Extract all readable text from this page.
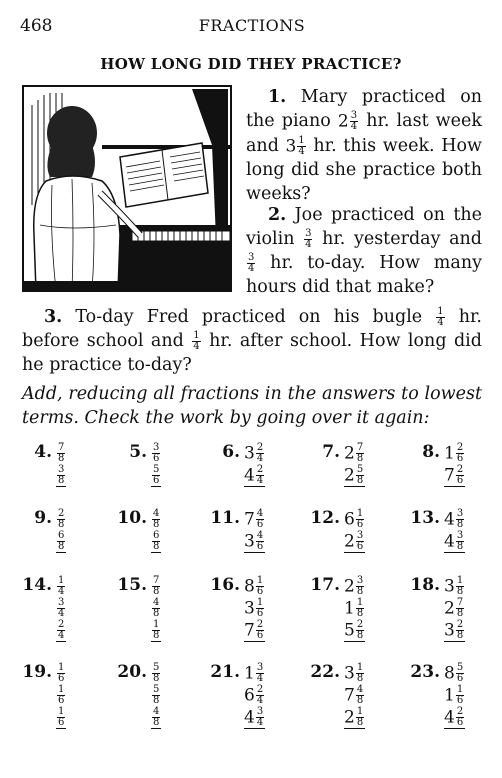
468	FRACTIONS
HOW LONG DID THEY PRACTICE?
1. Mary practiced on the piano $2 \frac{3}{4}$ hr. last week and $3 \frac{1}{4}$ hr. this week. How long did she practice both weeks?
2. Joe practiced on the violin $\frac{3}{4}$ hr. yesterday and
$\frac{3}{4}$ hr. to-day. How many hours did that make?
3. To-day Fred practiced on his bugle $\frac{1}{4}$ hr. before school and $\frac{1}{4}$ hr. after school. How long did he practice to-day?
Add, reducing all fractions in the answers to lowest terms. Check the work by going over it again:
4. $\frac{7}{8}$
$\frac{3}{8}$
5. $\frac{3}{6}$
$\frac{5}{6}$
6. $3 \frac{2}{4}$
$4 \frac{2}{4}$
7. $2 \frac{7}{8}$
$2 \frac{5}{8}$
8. $1 \frac{2}{6}$
$7 \frac{2}{6}$
9. $\frac{2}{8}$
$\frac{6}{8}$
10. $\frac{4}{8}$
$\frac{6}{8}$
11. $7 \frac{4}{6}$
$3 \frac{4}{6}$
12. $6 \frac{1}{6}$
$2 \frac{3}{6}$
13. $4 \frac{3}{8}$
$4 \frac{3}{8}$
14. $\frac{1}{4}$
$\frac{3}{4}$
$\frac{2}{4}$
15. $\frac{7}{8}$
$\frac{4}{8}$
$\frac{1}{8}$
16. $8 \frac{1}{6}$
$3 \frac{1}{6}$
$7 \frac{2}{6}$
17. $2 \frac{3}{8}$
$1 \frac{1}{8}$
$5 \frac{2}{8}$
18. $3 \frac{1}{8}$
$2 \frac{7}{8}$
$3 \frac{2}{8}$
19. $\frac{1}{6}$
$\frac{1}{6}$
$\frac{1}{6}$
20. $\frac{5}{8}$
$\frac{5}{8}$
$\frac{4}{8}$
21. $1 \frac{3}{4}$
$6 \frac{2}{4}$
$4 \frac{3}{4}$
22. $3 \frac{1}{8}$
$7 \frac{4}{8}$
$2 \frac{1}{8}$
23. $8 \frac{5}{6}$
$1 \frac{1}{6}$
$4 \frac{2}{6}$
